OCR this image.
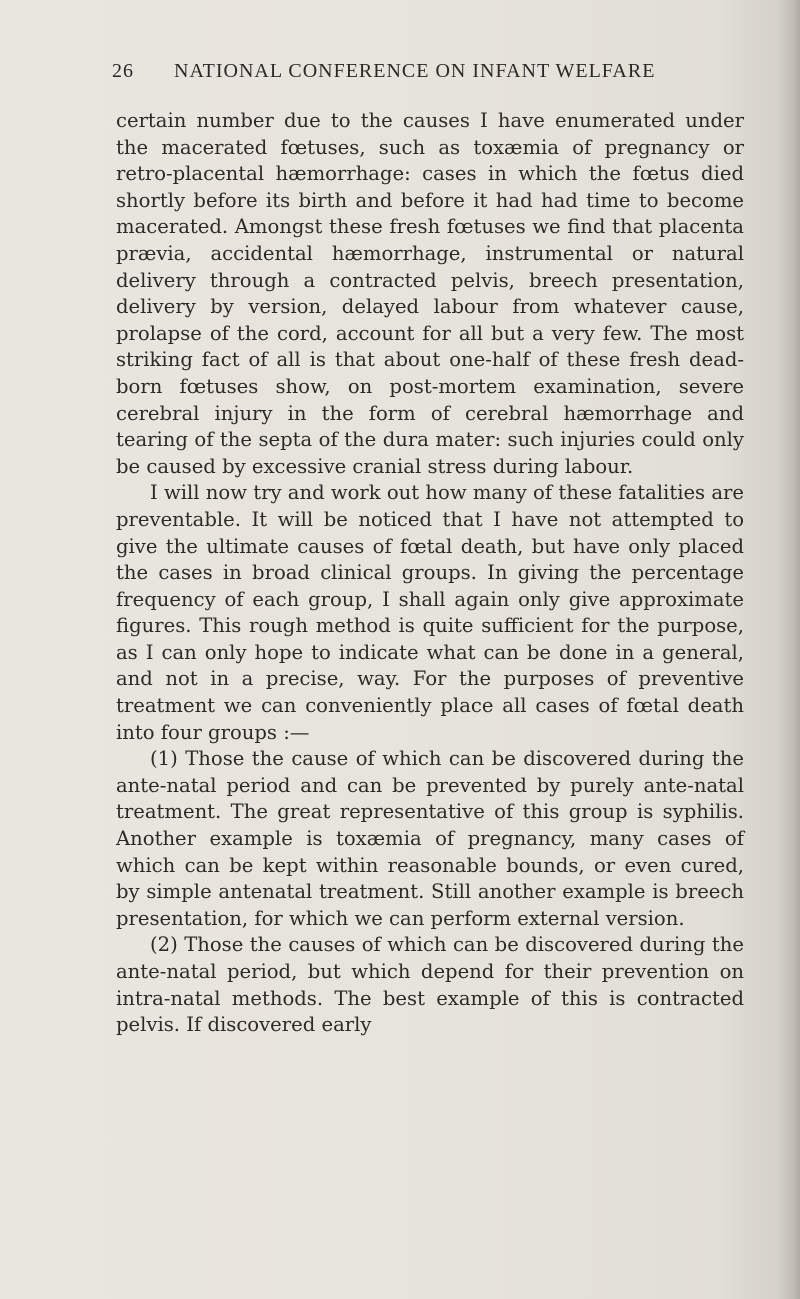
26 NATIONAL CONFERENCE ON INFANT WELFARE

certain number due to the causes I have enumerated under the macerated fœtuses, such as toxæmia of pregnancy or retro-placental hæmorrhage: cases in which the fœtus died shortly before its birth and before it had had time to become macerated. Amongst these fresh fœtuses we find that placenta prævia, accidental hæmorrhage, instrumental or natural delivery through a contracted pelvis, breech presentation, delivery by version, delayed labour from whatever cause, prolapse of the cord, account for all but a very few. The most striking fact of all is that about one-half of these fresh dead-born fœtuses show, on post-mortem examination, severe cerebral injury in the form of cerebral hæmorrhage and tearing of the septa of the dura mater: such injuries could only be caused by excessive cranial stress during labour.

I will now try and work out how many of these fatalities are preventable. It will be noticed that I have not attempted to give the ultimate causes of fœtal death, but have only placed the cases in broad clinical groups. In giving the percentage frequency of each group, I shall again only give approximate figures. This rough method is quite sufficient for the purpose, as I can only hope to indicate what can be done in a general, and not in a precise, way. For the purposes of preventive treatment we can conveniently place all cases of fœtal death into four groups :—

(1) Those the cause of which can be discovered during the ante-natal period and can be prevented by purely ante-natal treatment. The great representative of this group is syphilis. Another example is toxæmia of pregnancy, many cases of which can be kept within reasonable bounds, or even cured, by simple antenatal treatment. Still another example is breech presentation, for which we can perform external version.

(2) Those the causes of which can be discovered during the ante-natal period, but which depend for their prevention on intra-natal methods. The best example of this is contracted pelvis. If discovered early
